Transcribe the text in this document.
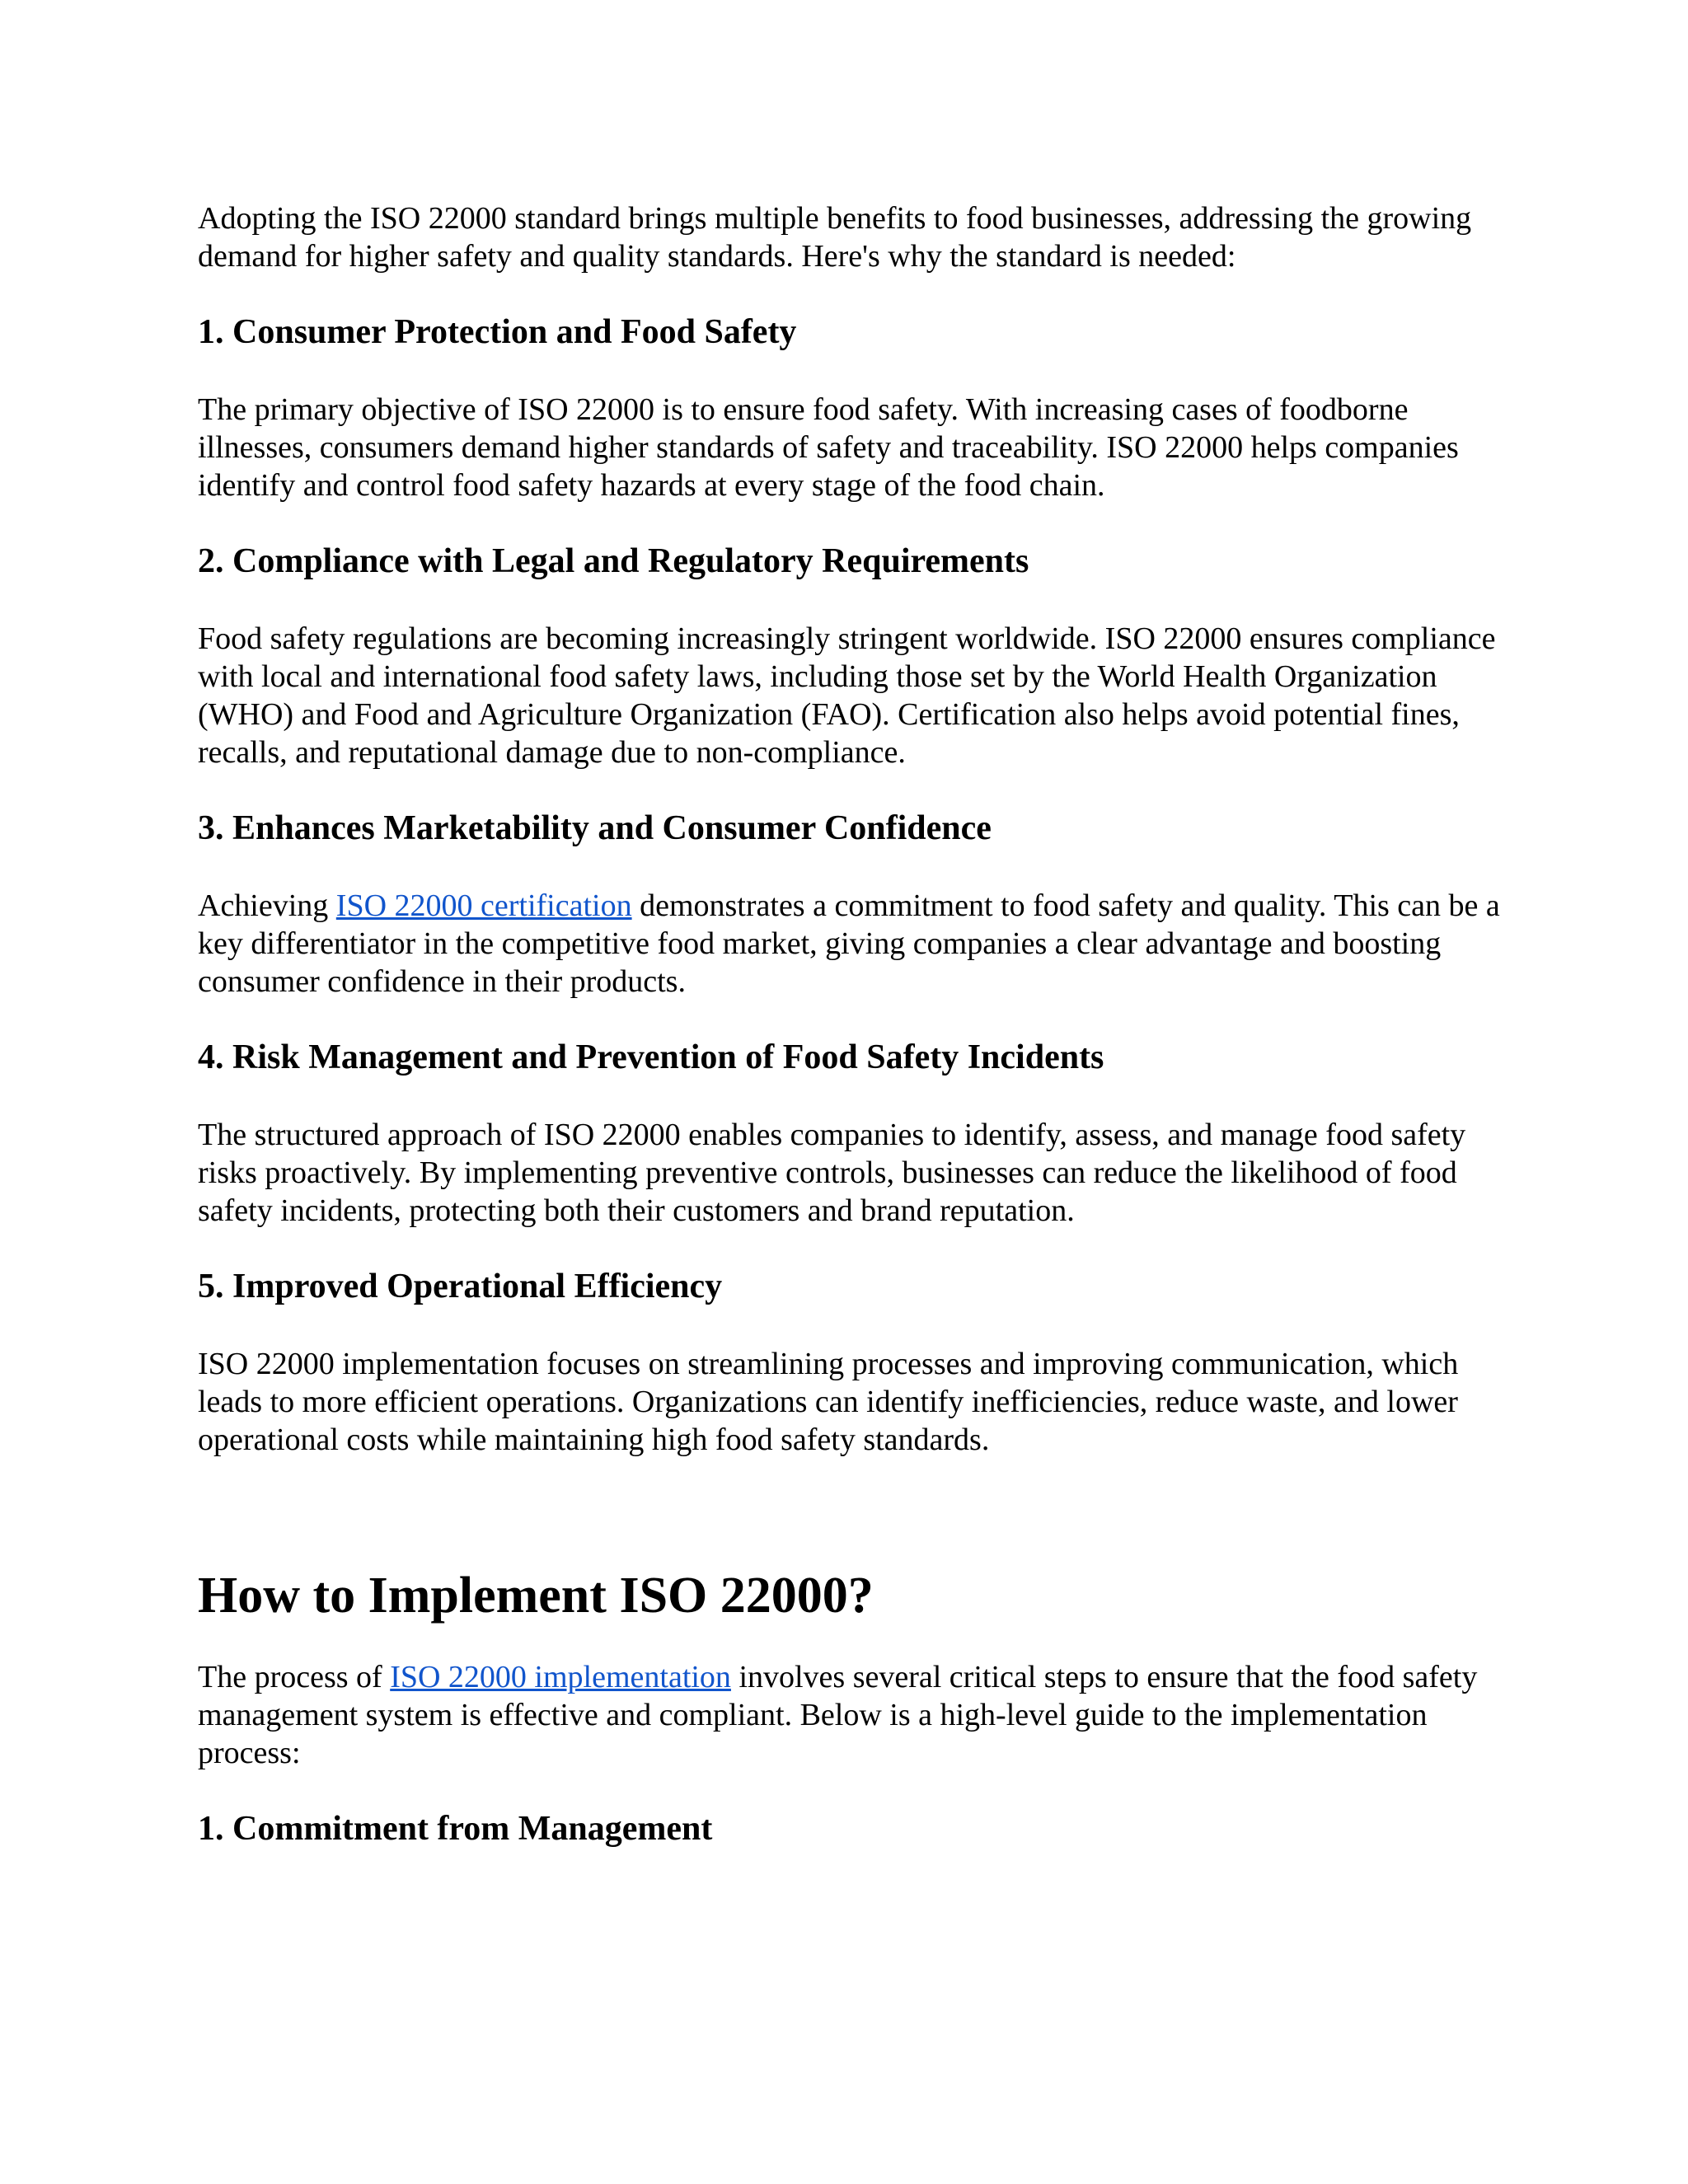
Adopting the ISO 22000 standard brings multiple benefits to food businesses, addressing the growing demand for higher safety and quality standards. Here's why the standard is needed:

1. Consumer Protection and Food Safety

The primary objective of ISO 22000 is to ensure food safety. With increasing cases of foodborne illnesses, consumers demand higher standards of safety and traceability. ISO 22000 helps companies identify and control food safety hazards at every stage of the food chain.

2. Compliance with Legal and Regulatory Requirements

Food safety regulations are becoming increasingly stringent worldwide. ISO 22000 ensures compliance with local and international food safety laws, including those set by the World Health Organization (WHO) and Food and Agriculture Organization (FAO). Certification also helps avoid potential fines, recalls, and reputational damage due to non-compliance.

3. Enhances Marketability and Consumer Confidence

Achieving ISO 22000 certification demonstrates a commitment to food safety and quality. This can be a key differentiator in the competitive food market, giving companies a clear advantage and boosting consumer confidence in their products.

4. Risk Management and Prevention of Food Safety Incidents

The structured approach of ISO 22000 enables companies to identify, assess, and manage food safety risks proactively. By implementing preventive controls, businesses can reduce the likelihood of food safety incidents, protecting both their customers and brand reputation.

5. Improved Operational Efficiency

ISO 22000 implementation focuses on streamlining processes and improving communication, which leads to more efficient operations. Organizations can identify inefficiencies, reduce waste, and lower operational costs while maintaining high food safety standards.

How to Implement ISO 22000?

The process of ISO 22000 implementation involves several critical steps to ensure that the food safety management system is effective and compliant. Below is a high-level guide to the implementation process:

1. Commitment from Management
